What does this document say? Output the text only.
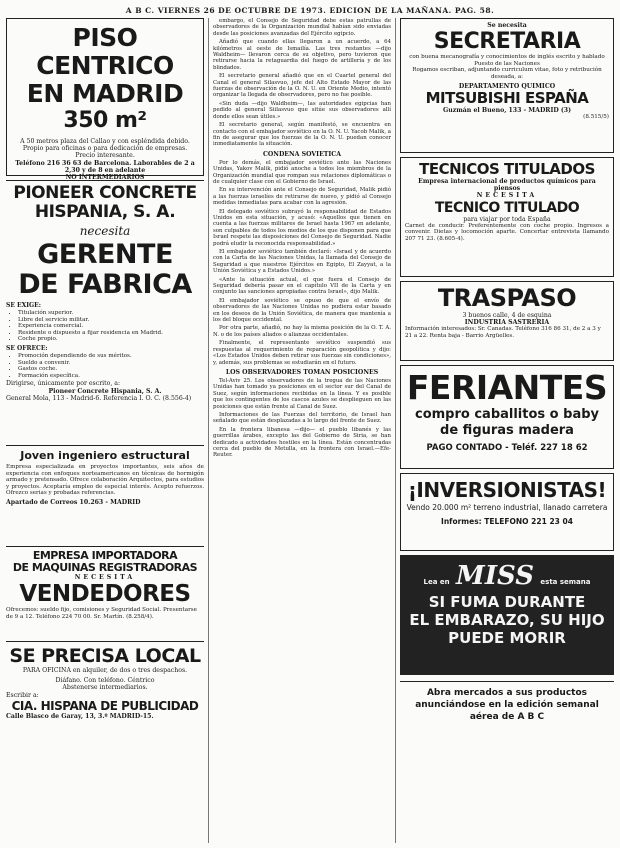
A B C. VIERNES 26 DE OCTUBRE DE 1973. EDICION DE LA MAÑANA. PAG. 58.
PISO CENTRICO
EN MADRID
350 m²
A 50 metros plaza del Callao y con espléndida debido.
Propio para oficinas o para dedicación de empresas.
Precio interesante.
Teléfono 216 36 63 de Barcelona. Laborables de 2 a 2,30 y de 8 en adelante
NO INTERMEDIARIOS
PIONEER CONCRETE
HISPANIA, S. A.
necesita
GERENTE
DE FABRICA
SE EXIGE:
• Titulación superior.
• Libre del servicio militar.
• Experiencia comercial.
• Residente o dispuesto a fijar residencia en Madrid.
• Coche propio.
SE OFRECE:
• Promoción dependiendo de sus méritos.
• Sueldo a convenir.
• Gastos coche.
• Formación específica.
Dirigirse, únicamente por escrito, a:
Pioneer Concrete Hispania, S. A.
General Mola, 113 - Madrid-6. Referencia I. O. C. (8.556-4)
Joven ingeniero estructural
Empresa especializada en proyectos importantes, seis años de experiencia con enfoques norteamericanos en técnicas de hormigón armado y pretensado. Ofrece colaboración Arquitectos, para estudios y proyectos. Aceptaría empleo de especial interés. Acepto refuerzos. Ofrezco serias y probadas referencias.
Apartado de Correos 10.263 - MADRID
EMPRESA IMPORTADORA
DE MAQUINAS REGISTRADORAS
NECESITA
VENDEDORES
Ofrecemos: sueldo fijo, comisiones y Seguridad Social. Presentarse de 9 a 12. Teléfono 224 70 00. Sr. Martín. (8.258/4).
SE PRECISA LOCAL
PARA OFICINA en alquiler, de dos o tres despachos.
Diáfano. Con teléfono. Céntrico
Abstenerse intermediarios.
Escribir a:
CIA. HISPANA DE PUBLICIDAD
Calle Blasco de Garay, 13, 3.º MADRID-15.

embargo, el Consejo de Seguridad debe estas patrullas de observadores de la Organización mundial habían sido enviadas desde las posiciones avanzadas del Ejército egipcio.

Añadió que cuando ellas llegaron a un acuerdo, a 64 kilómetros al oeste de Ismailía. Las tres restantes —dijo Waldheim— llevaron cerca de su objetivo, pero tuvieron que retirarse hacia la retaguardia del fuego de artillería y de los blindados.

El secretario general añadió que en el Cuartel general del Canal el general Silasvuo, jefe del Alto Estado Mayor de las fuerzas de observación de la O. N. U. en Oriente Medio, intentó organizar la llegada de observadores, pero no fue posible.

«Sin duda —dijo Waldheim—, las autoridades egipcias han pedido al general Siilasvuo que sitúe sus observadores allí donde ellos sean útiles.»

El secretario general, según manifestó, se encuentra en contacto con el embajador soviético en la O. N. U. Yacob Malik, a fin de asegurar que los fuerzas de la O. N. U. puedan conocer inmediatamente la situación.

CONDENA SOVIETICA

Por lo demás, el embajador soviético ante las Naciones Unidas, Yakov Malik, pidió anoche a todos los miembros de la Organización mundial que rompan sus relaciones diplomáticas o de cualquier clase con el Gobierno de Israel.

En su intervención ante el Consejo de Seguridad, Malik pidió a las fuerzas israelíes de retirarse de nuevo, y pidió al Consejo medidas inmediatas para acabar con la agresión.

El delegado soviético subrayó la responsabilidad de Estados Unidos en esta situación, y acusó: «Aquellos que tienen en cuenta a las fuerzas militares de Israel hasta 1967 en adelante, son culpables de todos los medios de los que disponen para que Israel respete las disposiciones del Consejo de Seguridad. Nadie podrá eludir la reconocida responsabilidad.»

El embajador soviético también declaró: «Israel y de acuerdo con la Carta de las Naciones Unidas, la llamada del Consejo de Seguridad a que nuestros Ejércitos en Egipto, El Zayyat, a la Unión Soviética y a Estados Unidos.»

«Ante la situación actual, el que fuera el Consejo de Seguridad debería pasar en el capítulo VII de la Carta y en conjunto las sanciones apropiadas contra Israel», dijo Malik.

El embajador soviético se opuso de que el envío de observadores de las Naciones Unidas no pudiera estar basado en los deseos de la Unión Soviética, de manera que mantenía a los del bloque occidental.

Por otra parte, añadió, no hay la misma posición de la O. T. A. N. o de los países aliados o alianzas occidentales.

Finalmente, el representante soviético suspendió sus respuestas al requerimiento de reparación geopolítica y dijo: «Los Estados Unidos deben retirar sus fuerzas sin condiciones», y, además, sus problemas se estudiarán en el futuro.

LOS OBSERVADORES TOMAN POSICIONES

Tel-Aviv 25. Los observadores de la tregua de las Naciones Unidas han tomado ya posiciones en el sector sur del Canal de Suez, según informaciones recibidas en la línea. Y es posible que los contingentes de los cascos azules se desplieguen en las posiciones que están frente al Canal de Suez.

Informaciones de las Fuerzas del territorio, de Israel han señalado que están desplazadas a lo largo del frente de Suez.

En la frontera libanesa —dijo— el pueblo libanés y las guerrillas árabes, excepto las del Gobierno de Siria, se han dedicado a actividades hostiles en la línea. Están concentradas cerca del pueblo de Metulla, en la frontera con Israel.—Efe-Reuter.

Se necesita
SECRETARIA
con buena mecanografía y conocimientos de inglés escrito y hablado
Puesto de las Naciones
Rogamos escriban, adjuntando curriculum vitae, foto y retribución deseada, a:
DEPARTAMENTO QUIMICO
MITSUBISHI ESPAÑA
Guzmán el Bueno, 133 - MADRID (3)
(8.515/5)
TECNICOS TITULADOS
Empresa internacional de productos químicos para piensos
NECESITA
TECNICO TITULADO
para viajar por toda España
Carnet de conducir. Preferentemente con coche propio. Ingresos a convenir. Dietas y locomoción aparte. Concertar entrevista llamando 207 71 23. (8.605-4).
TRASPASO
3 buenos calle, 4 de esquina
INDUSTRIA SASTRERIA
Información interesados: Sr. Canadas. Teléfono 316 86 31, de 2 a 3 y 21 a 22. Renta baja - Barrio Argüelles.
FERIANTES
compro caballitos o baby de figuras madera
PAGO CONTADO - Teléf. 227 18 62
¡INVERSIONISTAS!
Vendo 20.000 m² terreno industrial, llanado carretera
Informes: TELEFONO 221 23 04
Lea en MISS esta semana
SI FUMA DURANTE
EL EMBARAZO, SU HIJO
PUEDE MORIR
Abra mercados a sus productos anunciándose en la edición semanal aérea de A B C
